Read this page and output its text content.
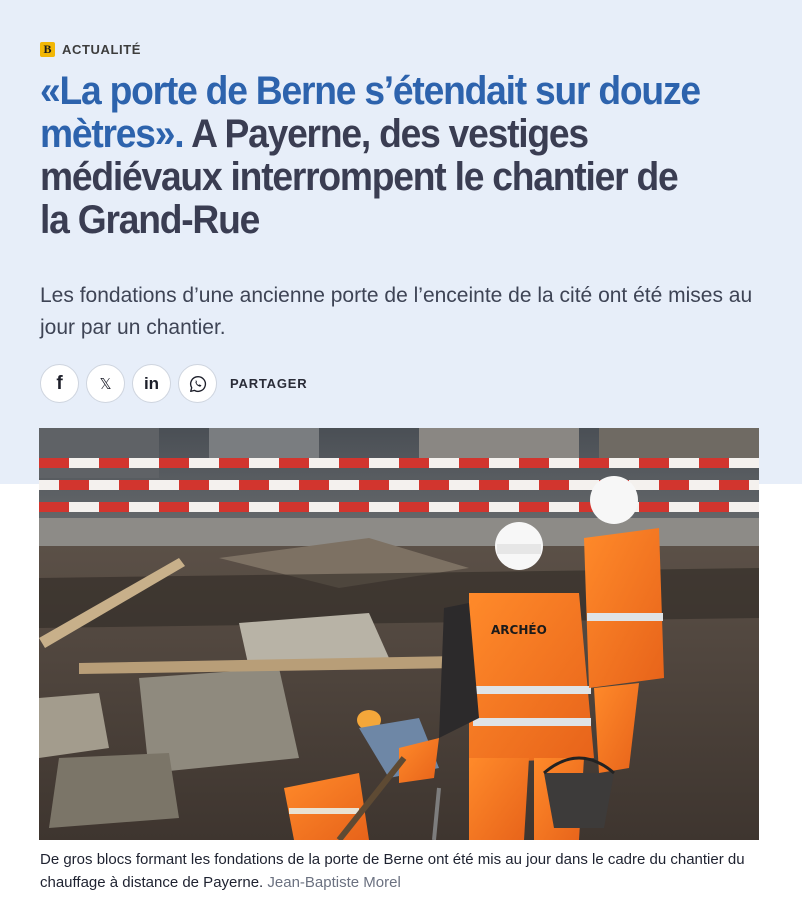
B ACTUALITÉ
«La porte de Berne s’étendait sur douze mètres». A Payerne, des vestiges médiévaux interrompent le chantier de la Grand-Rue

Les fondations d’une ancienne porte de l’enceinte de la cité ont été mises au jour par un chantier.

f 𝕏 in	PARTAGER
ARCHÉO
De gros blocs formant les fondations de la porte de Berne ont été mis au jour dans le cadre du chantier du chauffage à distance de Payerne. Jean-Baptiste Morel
